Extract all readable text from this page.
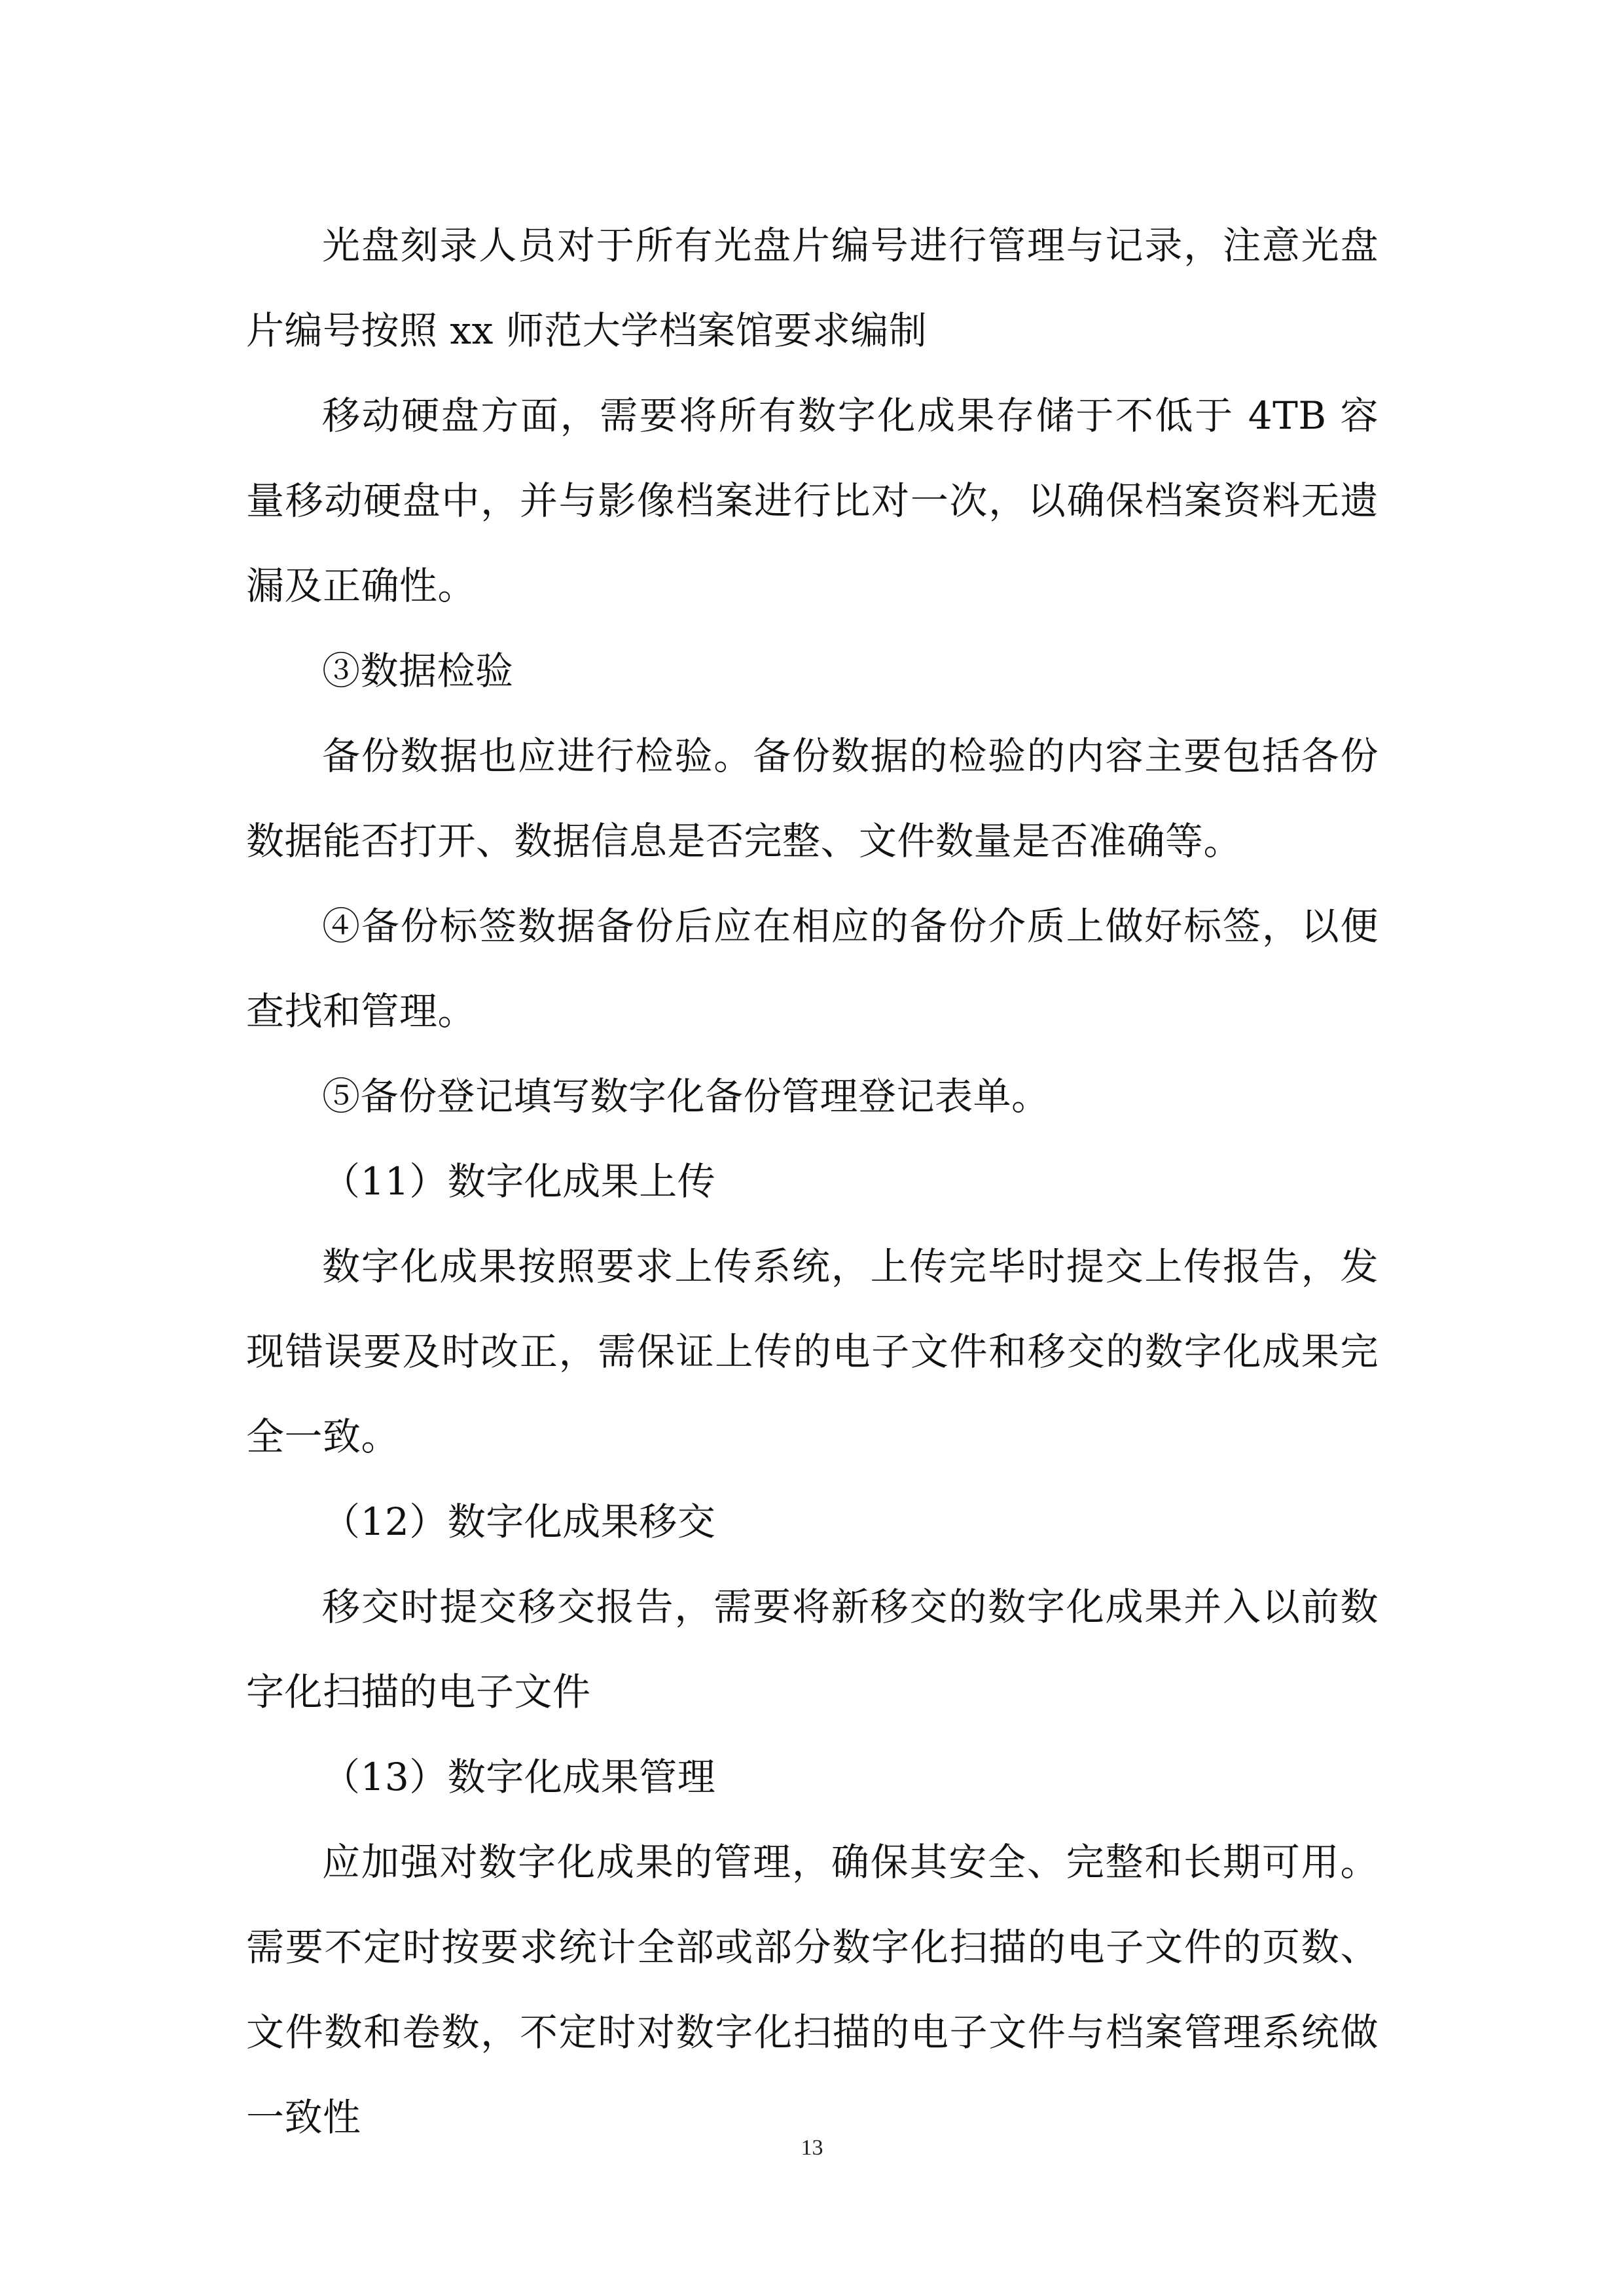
光盘刻录人员对于所有光盘片编号进行管理与记录，注意光盘片编号按照 xx 师范大学档案馆要求编制

移动硬盘方面，需要将所有数字化成果存储于不低于 4TB 容量移动硬盘中，并与影像档案进行比对一次，以确保档案资料无遗漏及正确性。

③数据检验

备份数据也应进行检验。备份数据的检验的内容主要包括各份数据能否打开、数据信息是否完整、文件数量是否准确等。

④备份标签数据备份后应在相应的备份介质上做好标签，以便查找和管理。

⑤备份登记填写数字化备份管理登记表单。

（11）数字化成果上传

数字化成果按照要求上传系统，上传完毕时提交上传报告，发现错误要及时改正，需保证上传的电子文件和移交的数字化成果完全一致。

（12）数字化成果移交

移交时提交移交报告，需要将新移交的数字化成果并入以前数字化扫描的电子文件

（13）数字化成果管理

应加强对数字化成果的管理，确保其安全、完整和长期可用。需要不定时按要求统计全部或部分数字化扫描的电子文件的页数、文件数和卷数，不定时对数字化扫描的电子文件与档案管理系统做一致性

13
